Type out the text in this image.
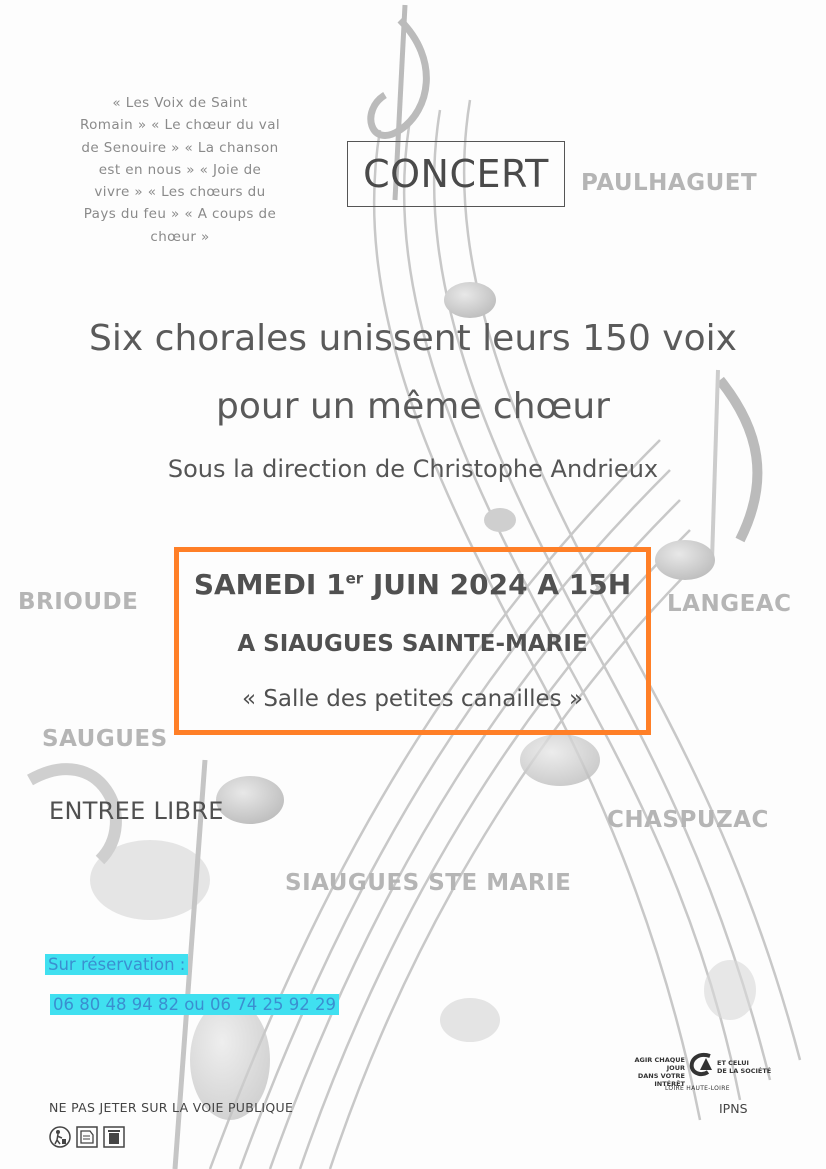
« Les Voix de Saint
Romain » « Le chœur du val
de Senouire » « La chanson
est en nous » « Joie de
vivre » « Les chœurs du
Pays du feu » « A coups de
chœur »
CONCERT PAULHAGUET
Six chorales unissent leurs 150 voix
pour un même chœur
Sous la direction de Christophe Andrieux
BRIOUDE	LANGEAC
SAUGUES
CHASPUZAC
SIAUGUES STE MARIE
SAMEDI 1er JUIN 2024 A 15H
A SIAUGUES SAINTE-MARIE
« Salle des petites canailles »
ENTREE LIBRE
Sur réservation :
06 80 48 94 82 ou 06 74 25 92 29
AGIR CHAQUE JOUR
DANS VOTRE INTÉRÊT
ET CELUI
DE LA SOCIÉTÉ
LOIRE HAUTE-LOIRE
NE PAS JETER SUR LA VOIE PUBLIQUE	IPNS
